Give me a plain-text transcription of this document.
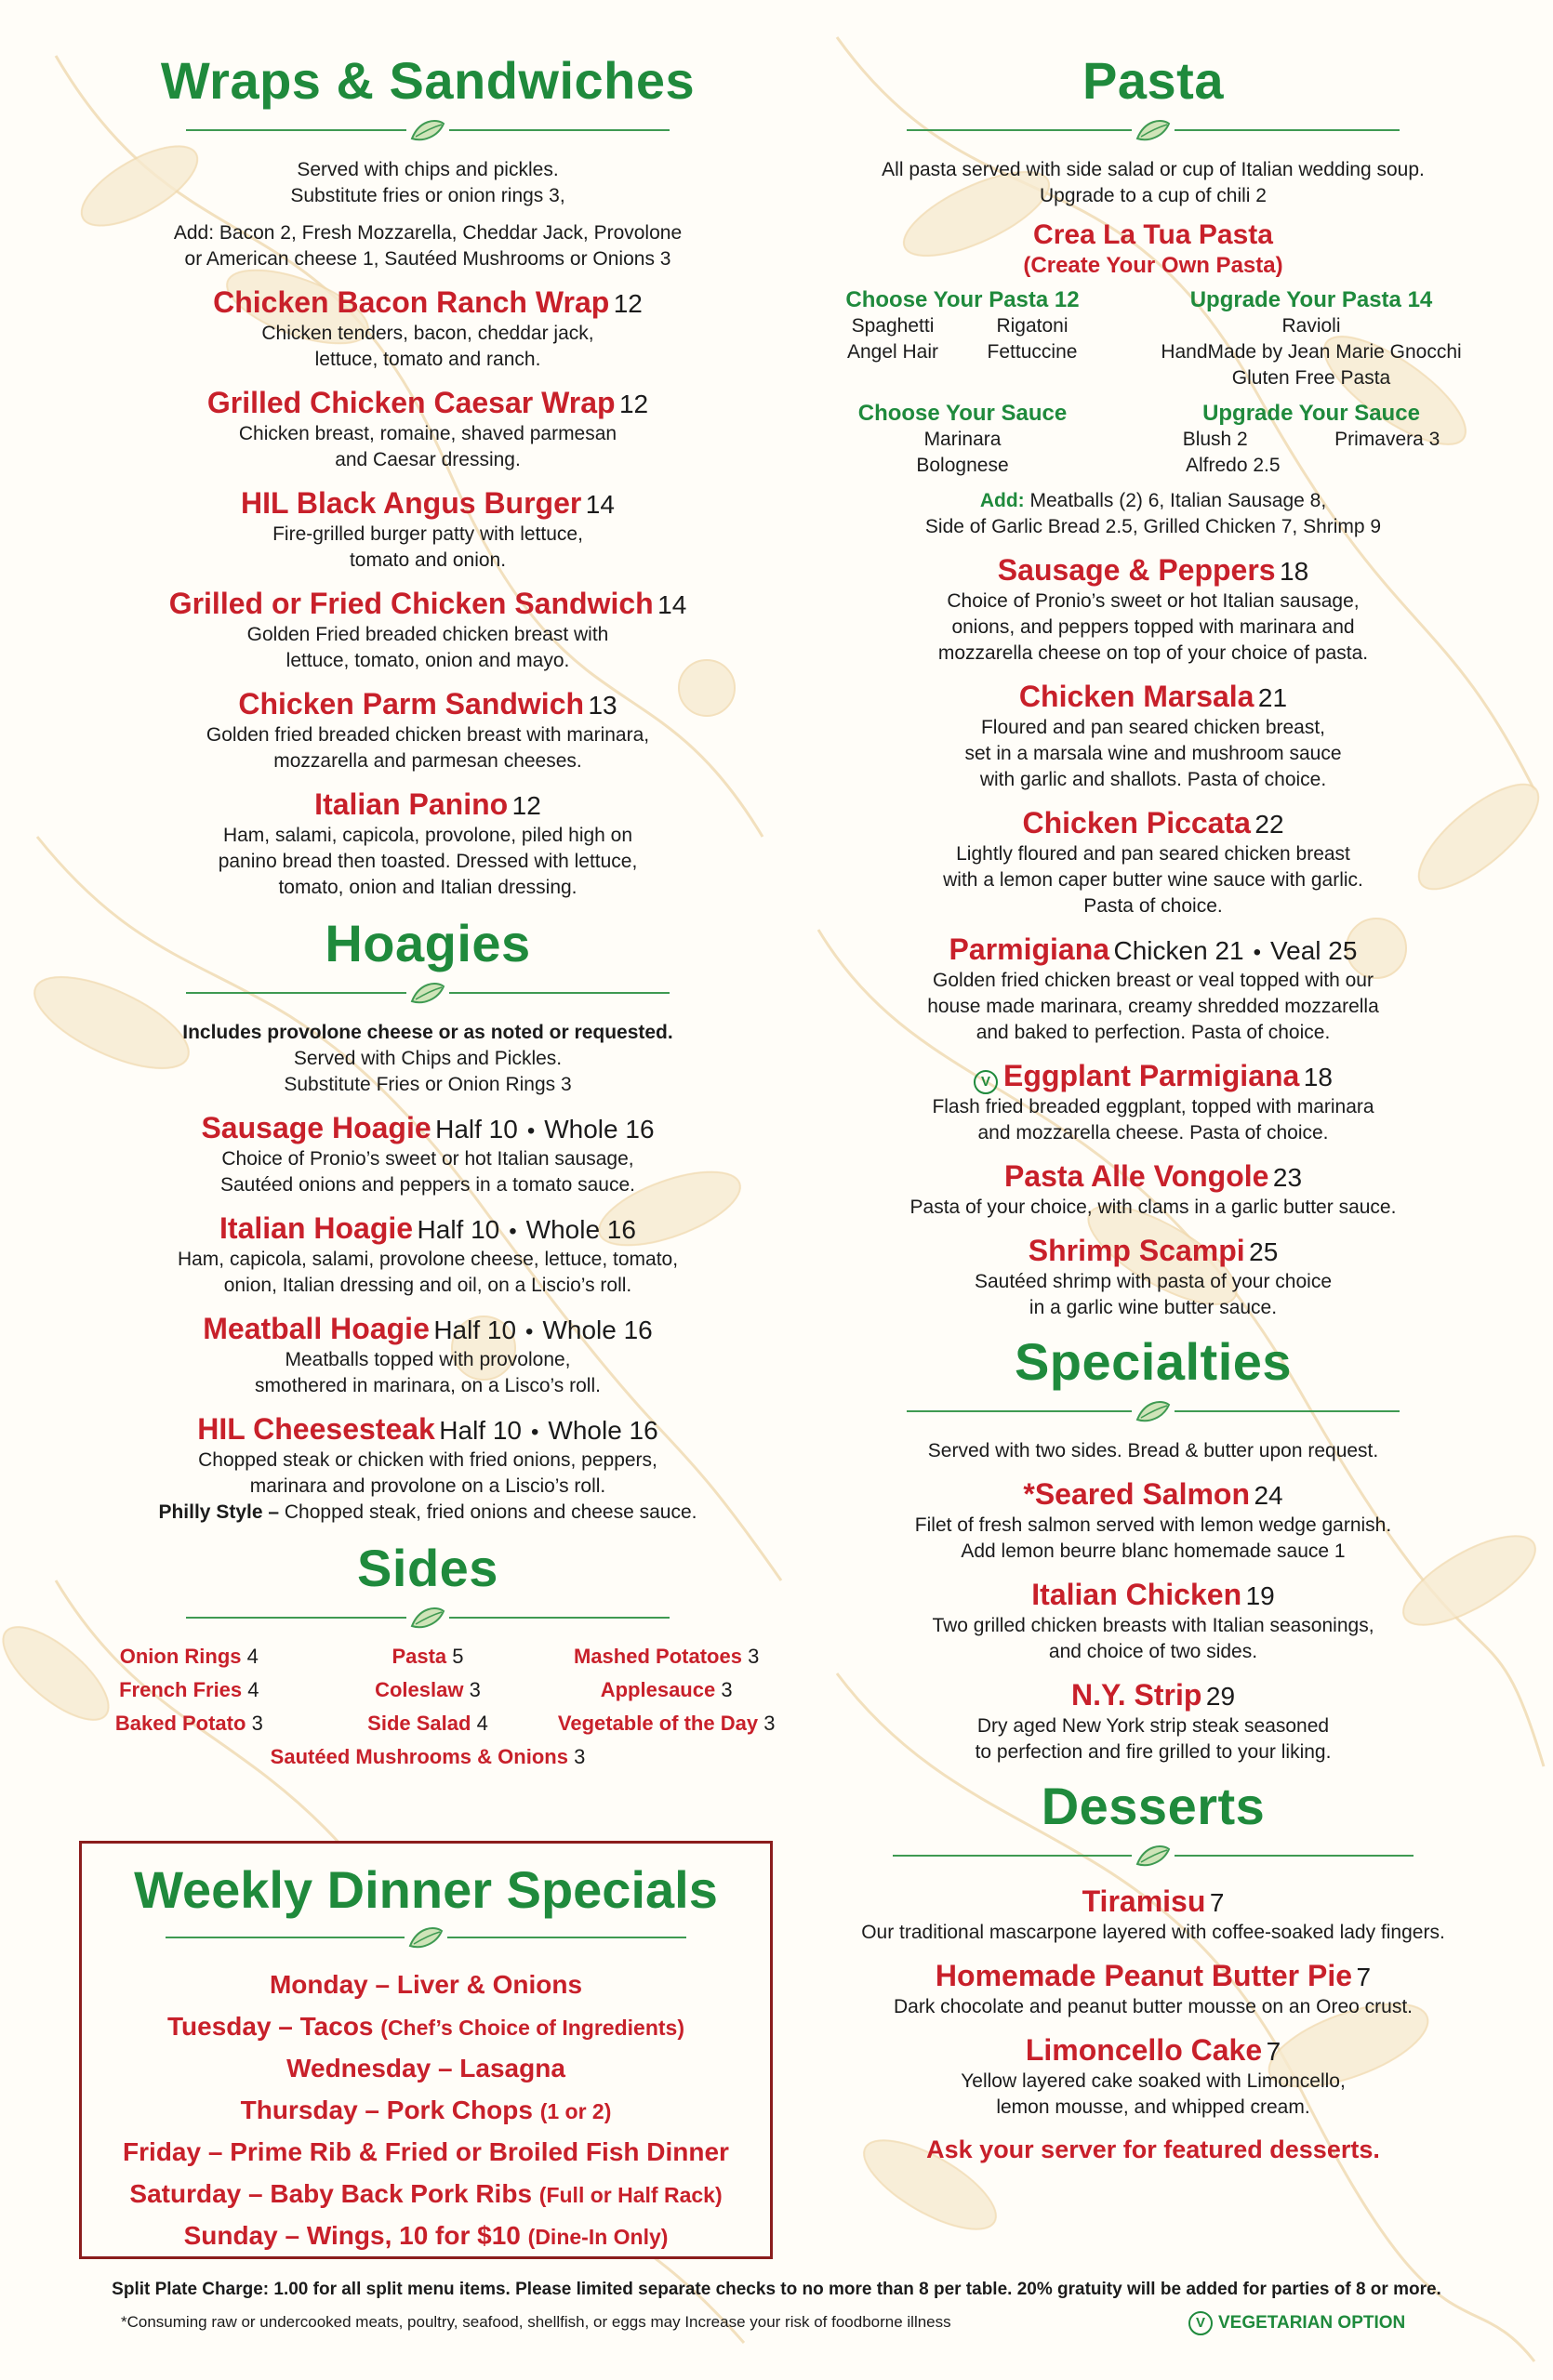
Wraps & Sandwiches
Served with chips and pickles.
Substitute fries or onion rings 3,
Add: Bacon 2, Fresh Mozzarella, Cheddar Jack, Provolone
or American cheese 1, Sautéed Mushrooms or Onions 3
Chicken Bacon Ranch Wrap 12
Chicken tenders, bacon, cheddar jack,
lettuce, tomato and ranch.
Grilled Chicken Caesar Wrap 12
Chicken breast, romaine, shaved parmesan
and Caesar dressing.
HIL Black Angus Burger 14
Fire-grilled burger patty with lettuce,
tomato and onion.
Grilled or Fried Chicken Sandwich 14
Golden Fried breaded chicken breast with
lettuce, tomato, onion and mayo.
Chicken Parm Sandwich 13
Golden fried breaded chicken breast with marinara,
mozzarella and parmesan cheeses.
Italian Panino 12
Ham, salami, capicola, provolone, piled high on
panino bread then toasted. Dressed with lettuce,
tomato, onion and Italian dressing.
Hoagies
Includes provolone cheese or as noted or requested.
Served with Chips and Pickles.
Substitute Fries or Onion Rings 3
Sausage Hoagie Half 10 • Whole 16
Choice of Pronio’s sweet or hot Italian sausage,
Sautéed onions and peppers in a tomato sauce.
Italian Hoagie Half 10 • Whole 16
Ham, capicola, salami, provolone cheese, lettuce, tomato,
onion, Italian dressing and oil, on a Liscio’s roll.
Meatball Hoagie Half 10 • Whole 16
Meatballs topped with provolone,
smothered in marinara, on a Lisco’s roll.
HIL Cheesesteak Half 10 • Whole 16
Chopped steak or chicken with fried onions, peppers,
marinara and provolone on a Liscio’s roll.
Philly Style – Chopped steak, fried onions and cheese sauce.
Sides
Onion Rings 4	Pasta 5	Mashed Potatoes 3
French Fries 4	Coleslaw 3	Applesauce 3
Baked Potato 3	Side Salad 4	Vegetable of the Day 3
Sautéed Mushrooms & Onions 3
Weekly Dinner Specials
Monday – Liver & Onions
Tuesday – Tacos (Chef’s Choice of Ingredients)
Wednesday – Lasagna
Thursday – Pork Chops (1 or 2)
Friday – Prime Rib & Fried or Broiled Fish Dinner
Saturday – Baby Back Pork Ribs (Full or Half Rack)
Sunday – Wings, 10 for $10 (Dine-In Only)
Pasta
All pasta served with side salad or cup of Italian wedding soup.
Upgrade to a cup of chili 2
Crea La Tua Pasta
(Create Your Own Pasta)
Choose Your Pasta 12
Spaghetti	Rigatoni
Angel Hair	Fettuccine
Upgrade Your Pasta 14
Ravioli
HandMade by Jean Marie Gnocchi
Gluten Free Pasta
Choose Your Sauce
Marinara
Bolognese
Upgrade Your Sauce
Blush 2	Primavera 3
Alfredo 2.5
Add: Meatballs (2) 6, Italian Sausage 8,
Side of Garlic Bread 2.5, Grilled Chicken 7, Shrimp 9
Sausage & Peppers 18
Choice of Pronio’s sweet or hot Italian sausage,
onions, and peppers topped with marinara and
mozzarella cheese on top of your choice of pasta.
Chicken Marsala 21
Floured and pan seared chicken breast,
set in a marsala wine and mushroom sauce
with garlic and shallots. Pasta of choice.
Chicken Piccata 22
Lightly floured and pan seared chicken breast
with a lemon caper butter wine sauce with garlic.
Pasta of choice.
Parmigiana Chicken 21 • Veal 25
Golden fried chicken breast or veal topped with our
house made marinara, creamy shredded mozzarella
and baked to perfection. Pasta of choice.
V Eggplant Parmigiana 18
Flash fried breaded eggplant, topped with marinara
and mozzarella cheese. Pasta of choice.
Pasta Alle Vongole 23
Pasta of your choice, with clams in a garlic butter sauce.
Shrimp Scampi 25
Sautéed shrimp with pasta of your choice
in a garlic wine butter sauce.
Specialties
Served with two sides. Bread & butter upon request.
*Seared Salmon 24
Filet of fresh salmon served with lemon wedge garnish.
Add lemon beurre blanc homemade sauce 1
Italian Chicken 19
Two grilled chicken breasts with Italian seasonings,
and choice of two sides.
N.Y. Strip 29
Dry aged New York strip steak seasoned
to perfection and fire grilled to your liking.
Desserts
Tiramisu 7
Our traditional mascarpone layered with coffee-soaked lady fingers.
Homemade Peanut Butter Pie 7
Dark chocolate and peanut butter mousse on an Oreo crust.
Limoncello Cake 7
Yellow layered cake soaked with Limoncello,
lemon mousse, and whipped cream.
Ask your server for featured desserts.
Split Plate Charge: 1.00 for all split menu items. Please limited separate checks to no more than 8 per table. 20% gratuity will be added for parties of 8 or more.
*Consuming raw or undercooked meats, poultry, seafood, shellfish, or eggs may Increase your risk of foodborne illness	V VEGETARIAN OPTION
